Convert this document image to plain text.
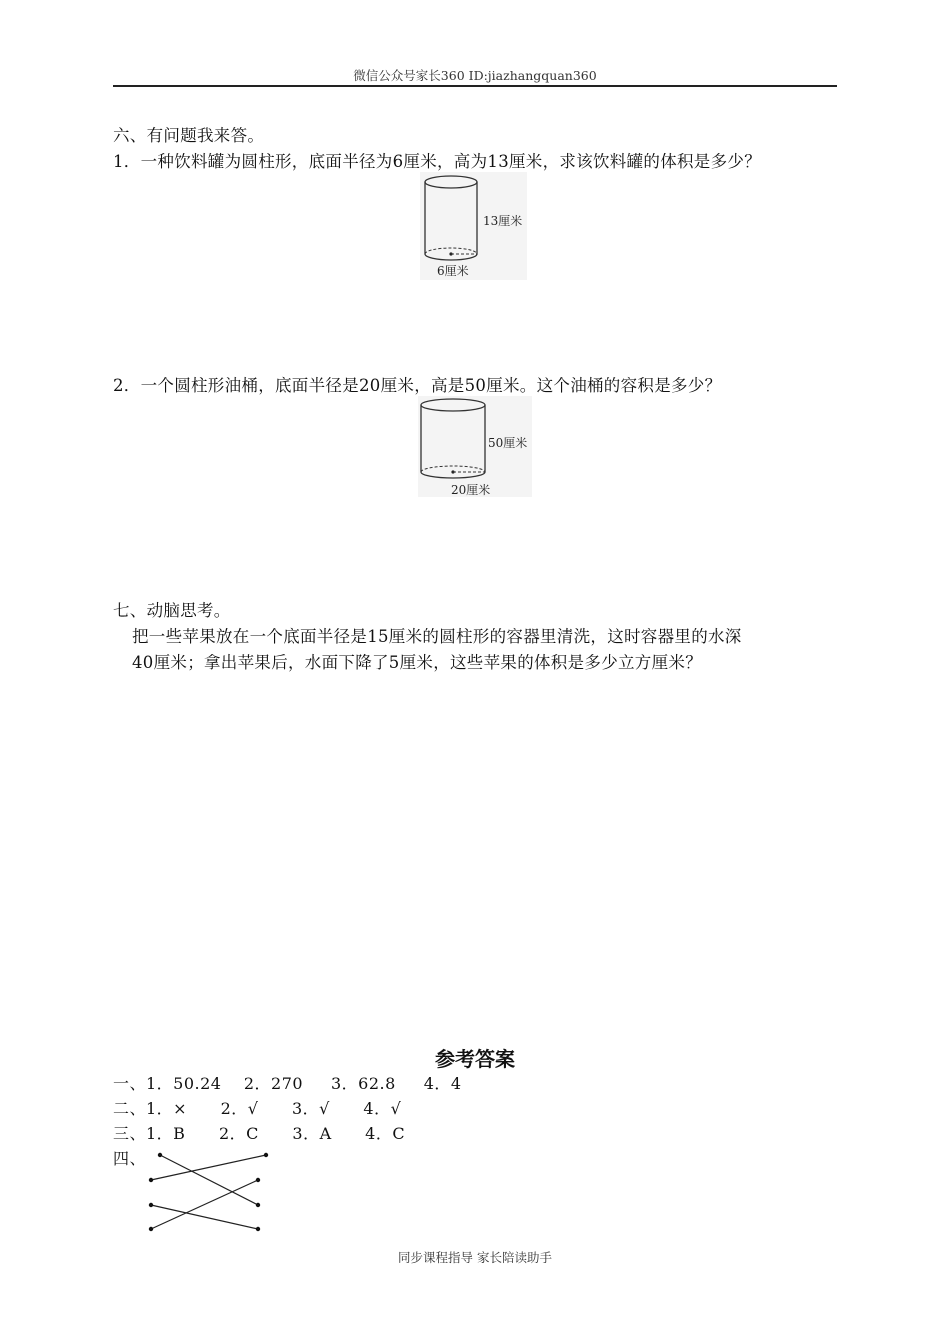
微信公众号家长360 ID:jiazhangquan360
六、有问题我来答。
1．一种饮料罐为圆柱形，底面半径为6厘米，高为13厘米，求该饮料罐的体积是多少？
13厘米
6厘米
2．一个圆柱形油桶，底面半径是20厘米，高是50厘米。这个油桶的容积是多少？
50厘米
20厘米
七、动脑思考。
把一些苹果放在一个底面半径是15厘米的圆柱形的容器里清洗，这时容器里的水深
40厘米；拿出苹果后，水面下降了5厘米，这些苹果的体积是多少立方厘米？
参考答案
一、1．50.24    2．270     3．62.8     4．4
二、1．×      2．√      3．√      4．√
三、1．B      2．C      3．A      4．C
四、
同步课程指导 家长陪读助手
